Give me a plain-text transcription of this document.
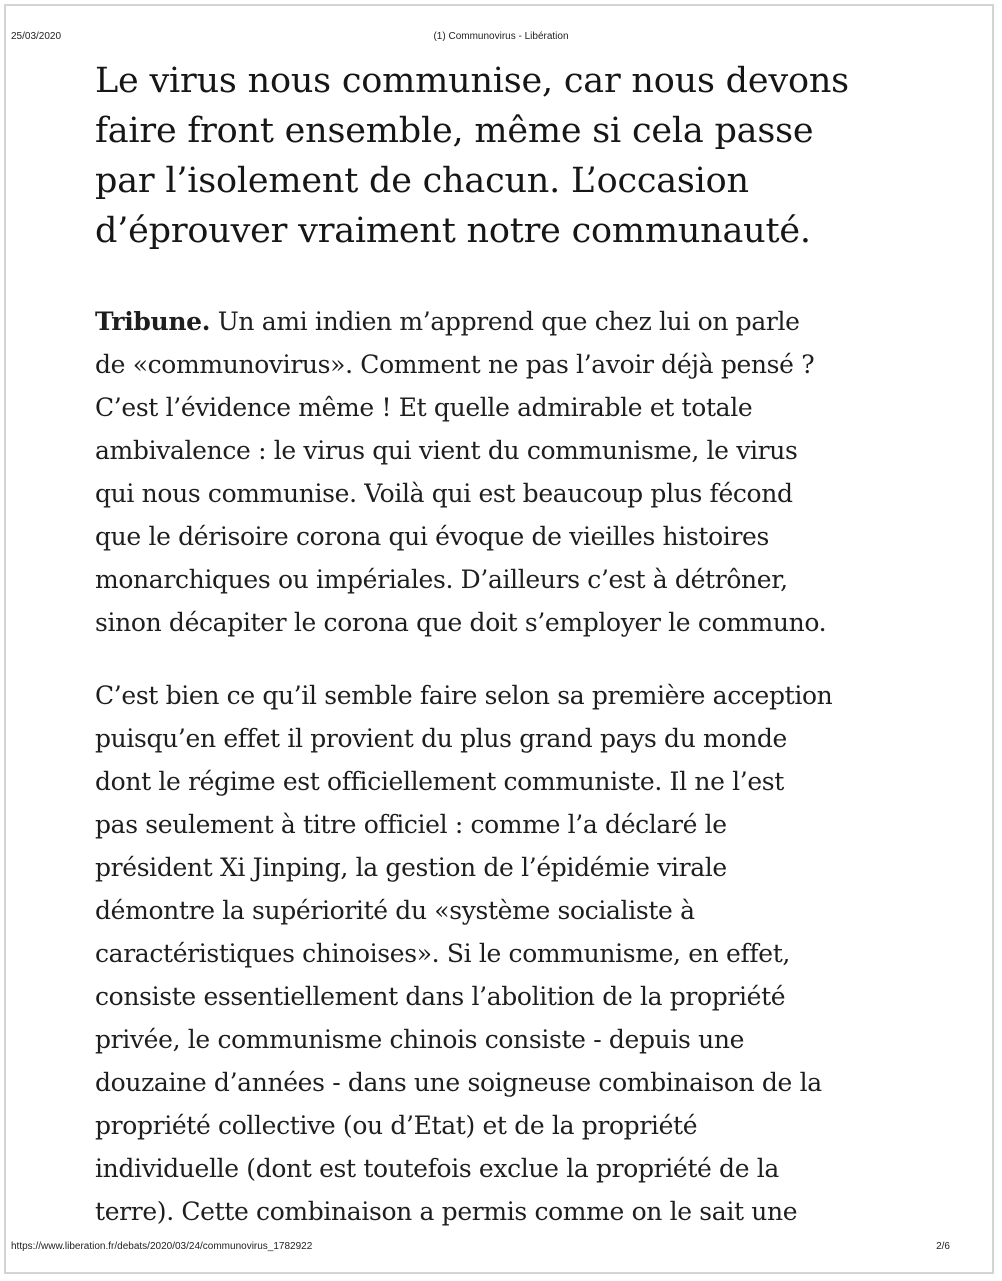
25/03/2020	(1) Communovirus - Libération
Le virus nous communise, car nous devons
faire front ensemble, même si cela passe
par l’isolement de chacun. L’occasion
d’éprouver vraiment notre communauté.

Tribune. Un ami indien m’apprend que chez lui on parle
de «communovirus». Comment ne pas l’avoir déjà pensé ?
C’est l’évidence même ! Et quelle admirable et totale
ambivalence : le virus qui vient du communisme, le virus
qui nous communise. Voilà qui est beaucoup plus fécond
que le dérisoire corona qui évoque de vieilles histoires
monarchiques ou impériales. D’ailleurs c’est à détrôner,
sinon décapiter le corona que doit s’employer le communo.

C’est bien ce qu’il semble faire selon sa première acception
puisqu’en effet il provient du plus grand pays du monde
dont le régime est officiellement communiste. Il ne l’est
pas seulement à titre officiel : comme l’a déclaré le
président Xi Jinping, la gestion de l’épidémie virale
démontre la supériorité du «système socialiste à
caractéristiques chinoises». Si le communisme, en effet,
consiste essentiellement dans l’abolition de la propriété
privée, le communisme chinois consiste - depuis une
douzaine d’années - dans une soigneuse combinaison de la
propriété collective (ou d’Etat) et de la propriété
individuelle (dont est toutefois exclue la propriété de la
terre). Cette combinaison a permis comme on le sait une

https://www.liberation.fr/debats/2020/03/24/communovirus_1782922	2/6
